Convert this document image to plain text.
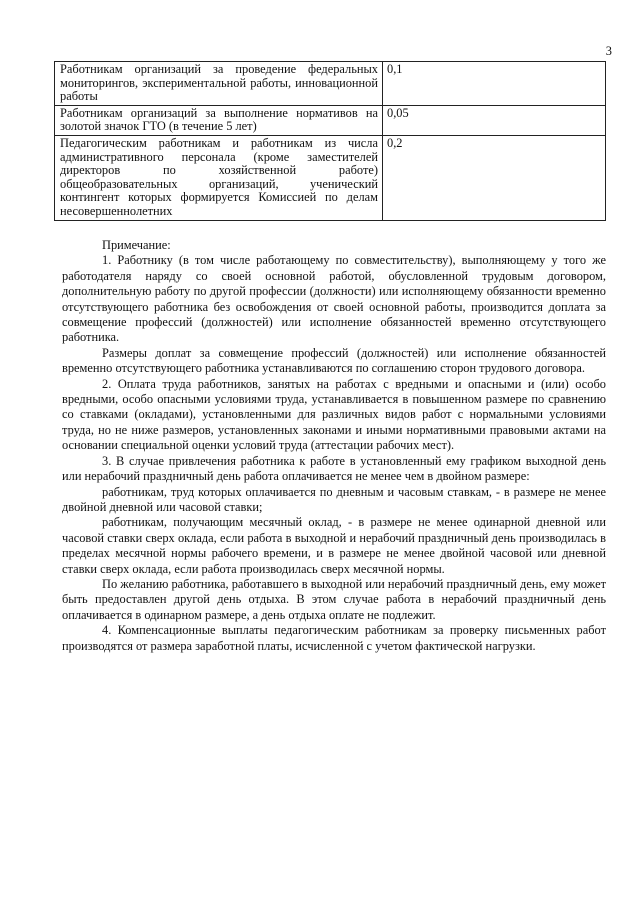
3
Работникам организаций за проведение федеральных мониторингов, экспериментальной работы, инновационной работы	0,1
Работникам организаций за выполнение нормативов на золотой значок ГТО (в течение 5 лет)	0,05
Педагогическим работникам и работникам из числа административного персонала (кроме заместителей директоров по хозяйственной работе) общеобразовательных организаций, ученический контингент которых формируется Комиссией по делам несовершеннолетних	0,2

Примечание:

1. Работнику (в том числе работающему по совместительству), выполняющему у того же работодателя наряду со своей основной работой, обусловленной трудовым договором, дополнительную работу по другой профессии (должности) или исполняющему обязанности временно отсутствующего работника без освобождения от своей основной работы, производится доплата за совмещение профессий (должностей) или исполнение обязанностей временно отсутствующего работника.

Размеры доплат за совмещение профессий (должностей) или исполнение обязанностей временно отсутствующего работника устанавливаются по соглашению сторон трудового договора.

2. Оплата труда работников, занятых на работах с вредными и опасными и (или) особо вредными, особо опасными условиями труда, устанавливается в повышенном размере по сравнению со ставками (окладами), установленными для различных видов работ с нормальными условиями труда, но не ниже размеров, установленных законами и иными нормативными правовыми актами на основании специальной оценки условий труда (аттестации рабочих мест).

3. В случае привлечения работника к работе в установленный ему графиком выходной день или нерабочий праздничный день работа оплачивается не менее чем в двойном размере:

работникам, труд которых оплачивается по дневным и часовым ставкам, - в размере не менее двойной дневной или часовой ставки;

работникам, получающим месячный оклад, - в размере не менее одинарной дневной или часовой ставки сверх оклада, если работа в выходной и нерабочий праздничный день производилась в пределах месячной нормы рабочего времени, и в размере не менее двойной часовой или дневной ставки сверх оклада, если работа производилась сверх месячной нормы.

По желанию работника, работавшего в выходной или нерабочий праздничный день, ему может быть предоставлен другой день отдыха. В этом случае работа в нерабочий праздничный день оплачивается в одинарном размере, а день отдыха оплате не подлежит.

4. Компенсационные выплаты педагогическим работникам за проверку письменных работ производятся от размера заработной платы, исчисленной с учетом фактической нагрузки.
